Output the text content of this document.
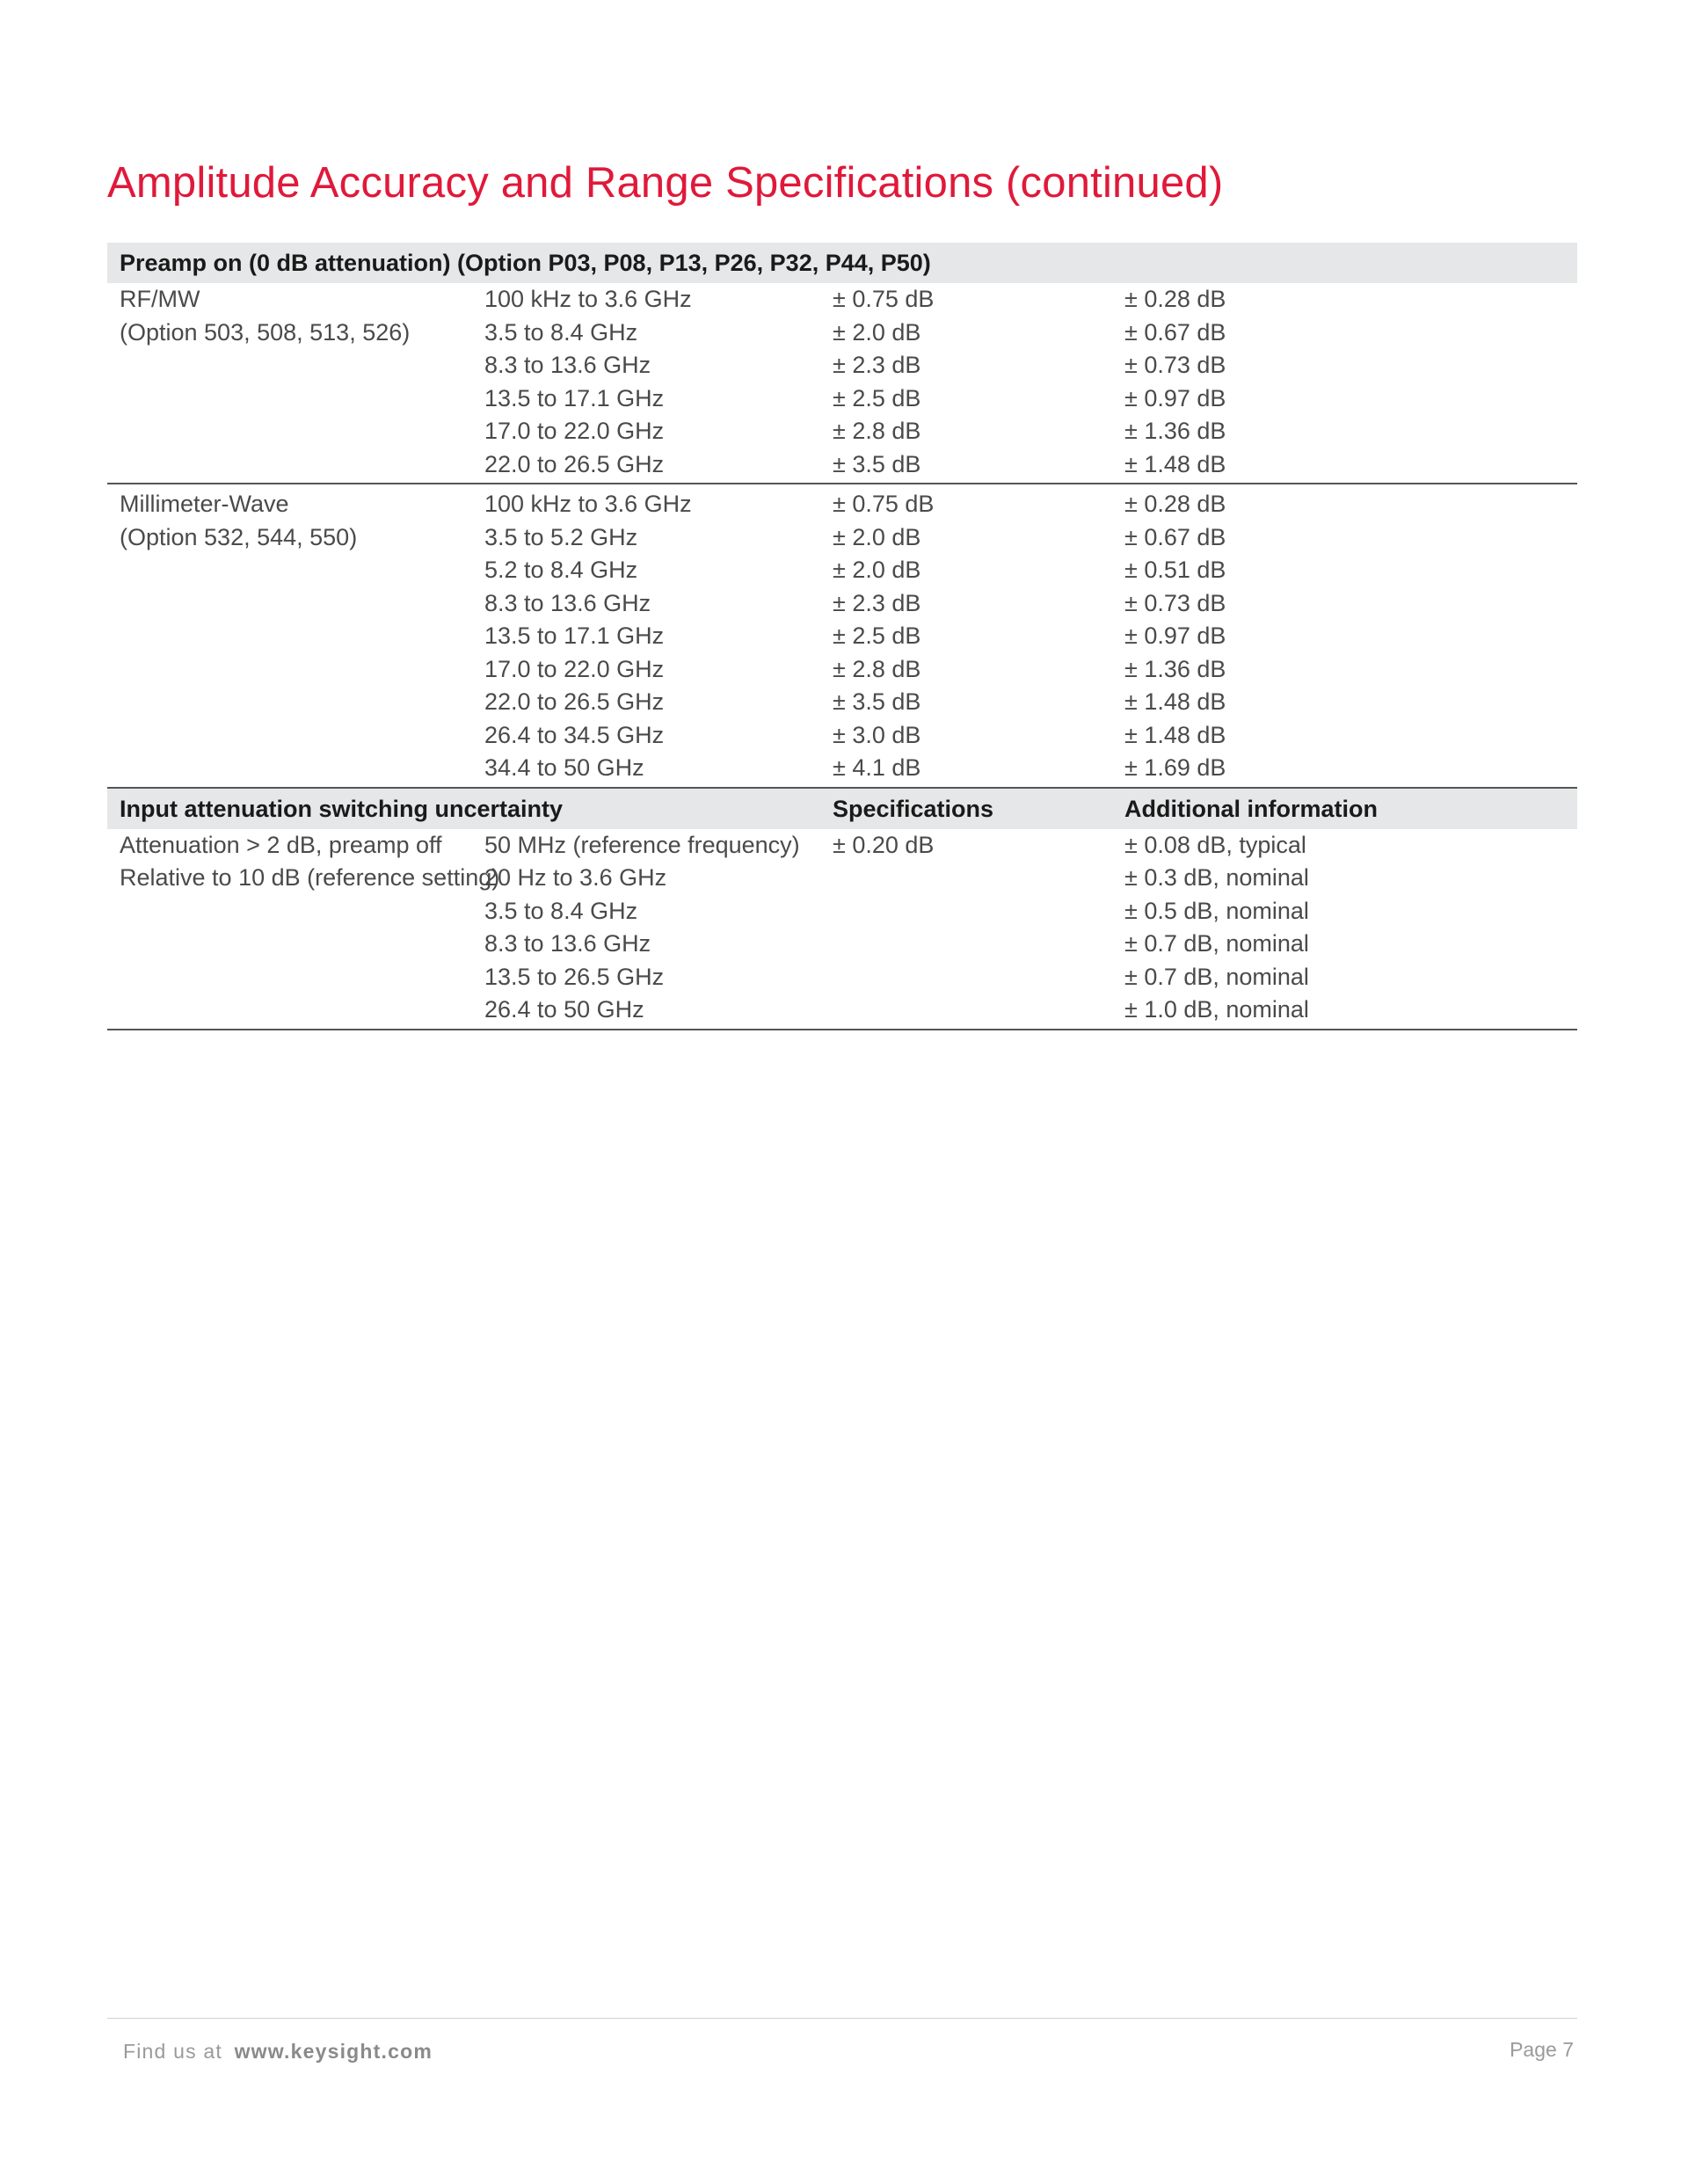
Amplitude Accuracy and Range Specifications (continued)
Preamp on (0 dB attenuation) (Option P03, P08, P13, P26, P32, P44, P50)			
RF/MW	100 kHz to 3.6 GHz	± 0.75 dB	± 0.28 dB
(Option 503, 508, 513, 526)	3.5 to 8.4 GHz	± 2.0 dB	± 0.67 dB
	8.3 to 13.6 GHz	± 2.3 dB	± 0.73 dB
	13.5 to 17.1 GHz	± 2.5 dB	± 0.97 dB
	17.0 to 22.0 GHz	± 2.8 dB	± 1.36 dB
	22.0 to 26.5 GHz	± 3.5 dB	± 1.48 dB
Millimeter-Wave	100 kHz to 3.6 GHz	± 0.75 dB	± 0.28 dB
(Option 532, 544, 550)	3.5 to 5.2 GHz	± 2.0 dB	± 0.67 dB
	5.2 to 8.4 GHz	± 2.0 dB	± 0.51 dB
	8.3 to 13.6 GHz	± 2.3 dB	± 0.73 dB
	13.5 to 17.1 GHz	± 2.5 dB	± 0.97 dB
	17.0 to 22.0 GHz	± 2.8 dB	± 1.36 dB
	22.0 to 26.5 GHz	± 3.5 dB	± 1.48 dB
	26.4 to 34.5 GHz	± 3.0 dB	± 1.48 dB
	34.4 to 50 GHz	± 4.1 dB	± 1.69 dB
Input attenuation switching uncertainty		Specifications	Additional information
Attenuation > 2 dB, preamp off	50 MHz (reference frequency)	± 0.20 dB	± 0.08 dB, typical
Relative to 10 dB (reference setting)	20 Hz to 3.6 GHz		± 0.3 dB, nominal
	3.5 to 8.4 GHz		± 0.5 dB, nominal
	8.3 to 13.6 GHz		± 0.7 dB, nominal
	13.5 to 26.5 GHz		± 0.7 dB, nominal
	26.4 to 50 GHz		± 1.0 dB, nominal
Find us at www.keysight.com	Page 7
